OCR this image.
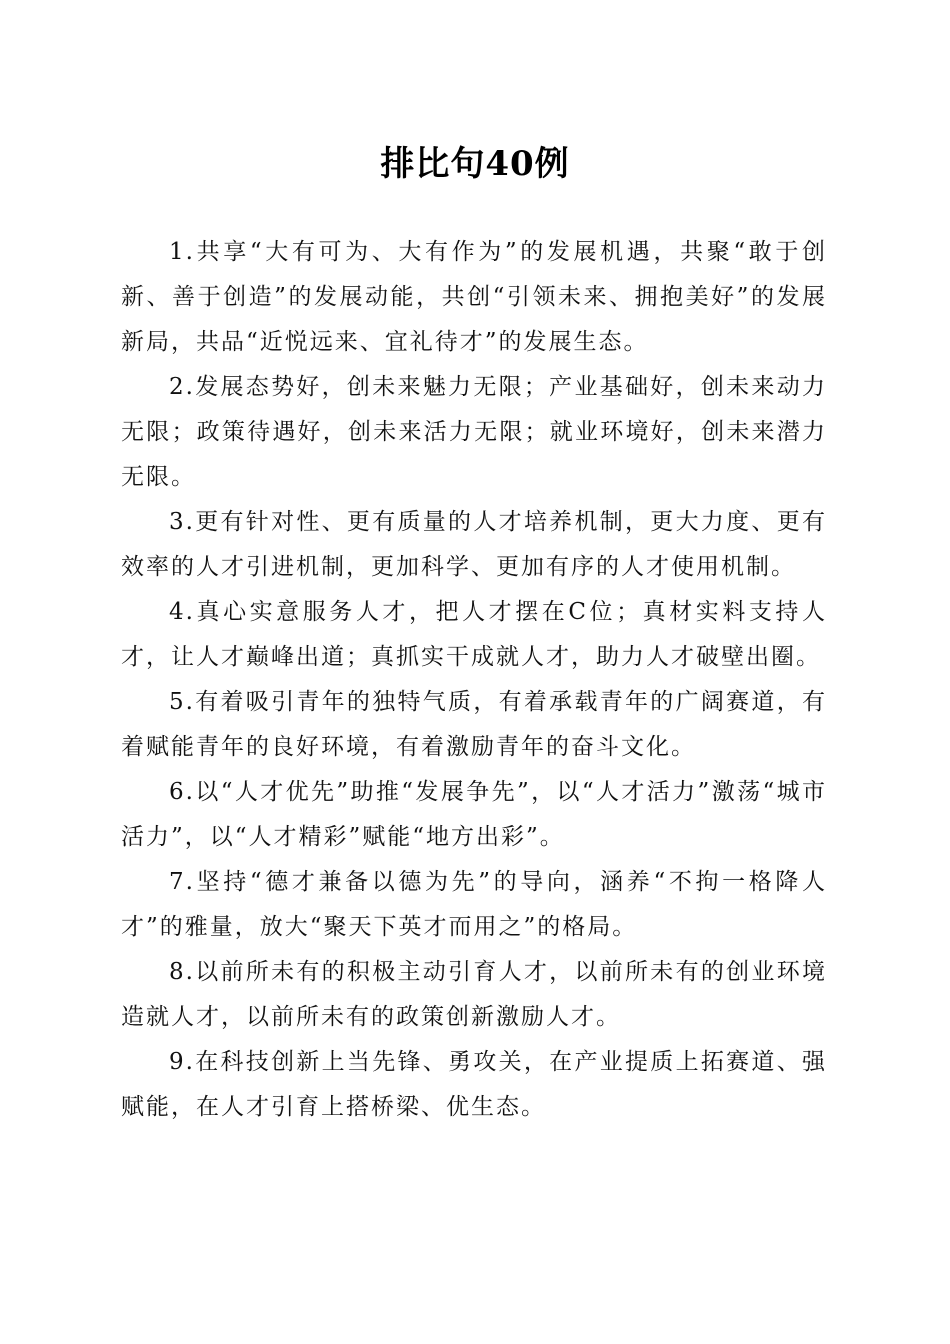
排比句40例

1.共享“大有可为、大有作为”的发展机遇，共聚“敢于创新、善于创造”的发展动能，共创“引领未来、拥抱美好”的发展新局，共品“近悦远来、宜礼待才”的发展生态。

2.发展态势好，创未来魅力无限；产业基础好，创未来动力无限；政策待遇好，创未来活力无限；就业环境好，创未来潜力无限。

3.更有针对性、更有质量的人才培养机制，更大力度、更有效率的人才引进机制，更加科学、更加有序的人才使用机制。

4.真心实意服务人才，把人才摆在C位；真材实料支持人才，让人才巅峰出道；真抓实干成就人才，助力人才破壁出圈。

5.有着吸引青年的独特气质，有着承载青年的广阔赛道，有着赋能青年的良好环境，有着激励青年的奋斗文化。

6.以“人才优先”助推“发展争先”，以“人才活力”激荡“城市活力”，以“人才精彩”赋能“地方出彩”。

7.坚持“德才兼备以德为先”的导向，涵养“不拘一格降人才”的雅量，放大“聚天下英才而用之”的格局。

8.以前所未有的积极主动引育人才，以前所未有的创业环境造就人才，以前所未有的政策创新激励人才。

9.在科技创新上当先锋、勇攻关，在产业提质上拓赛道、强赋能，在人才引育上搭桥梁、优生态。
